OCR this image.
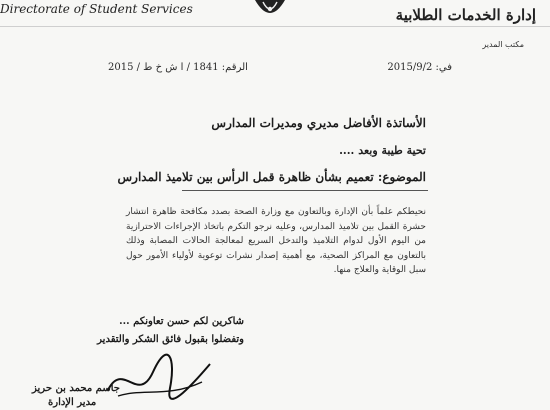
Directorate of Student Services	إدارة الخدمات الطلابية
مكتب المدير
في: 2015/9/2
الرقم: 1841 / ا ش خ ط / 2015
الأساتذة الأفاضل مديري ومديرات المدارس
تحية طيبة وبعد ....
الموضوع: تعميم بشأن ظاهرة قمل الرأس بين تلاميذ المدارس

نحيطكم علماً بأن الإدارة وبالتعاون مع وزارة الصحة بصدد مكافحة ظاهرة انتشار حشرة القمل بين تلاميذ المدارس، وعليه نرجو التكرم باتخاذ الإجراءات الاحترازية من اليوم الأول لدوام التلاميذ والتدخل السريع لمعالجة الحالات المصابة وذلك بالتعاون مع المراكز الصحية، مع أهمية إصدار نشرات توعوية لأولياء الأمور حول سبل الوقاية والعلاج منها.

شاكرين لكم حسن تعاونكم ...
وتفضلوا بقبول فائق الشكر والتقدير
جاسم محمد بن حريز
مدير الإدارة
